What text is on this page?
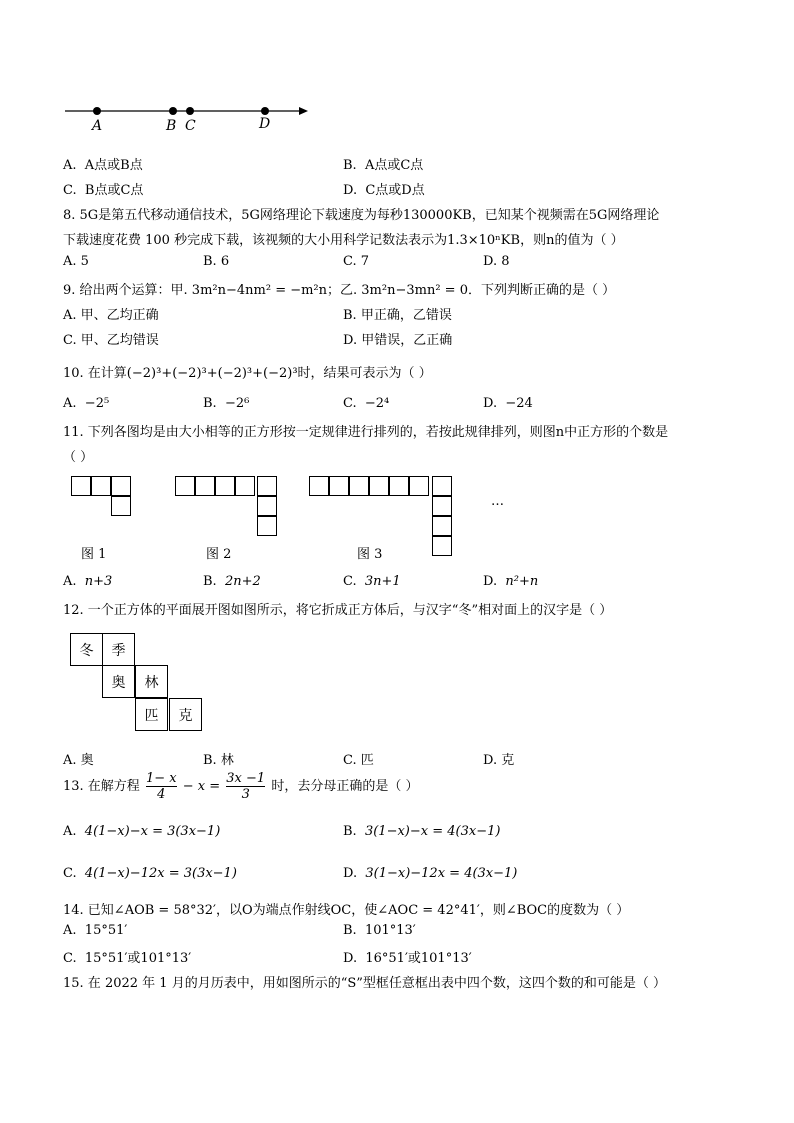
A	B C	D
A. A点或B点	B. A点或C点
C. B点或C点	D. C点或D点
8. 5G是第五代移动通信技术，5G网络理论下载速度为每秒130000KB，已知某个视频需在5G网络理论
下载速度花费 100 秒完成下载，该视频的大小用科学记数法表示为1.3×10ⁿKB，则n的值为（ ）
A. 5	B. 6	C. 7	D. 8
9. 给出两个运算：甲. 3m²n−4nm² = −m²n；乙. 3m²n−3mn² = 0．下列判断正确的是（ ）
A. 甲、乙均正确	B. 甲正确，乙错误
C. 甲、乙均错误	D. 甲错误，乙正确
10. 在计算(−2)³+(−2)³+(−2)³+(−2)³时，结果可表示为（ ）
A. −2⁵	B. −2⁶	C. −2⁴	D. −24
11. 下列各图均是由大小相等的正方形按一定规律进行排列的，若按此规律排列，则图n中正方形的个数是
（ ）
…
图 1	图 2	图 3
A. n+3	B. 2n+2	C. 3n+1	D. n²+n
12. 一个正方体的平面展开图如图所示，将它折成正方体后，与汉字“冬”相对面上的汉字是（ ）
冬	季
奥	林
匹	克
A. 奥	B. 林	C. 匹	D. 克
13. 在解方程 $\frac{1- x}{4} - x = \frac{3x -1}{3}$ 时，去分母正确的是（ ）
A. 4(1−x)−x = 3(3x−1)	B. 3(1−x)−x = 4(3x−1)
C. 4(1−x)−12x = 3(3x−1)	D. 3(1−x)−12x = 4(3x−1)
14. 已知∠AOB = 58°32′，以O为端点作射线OC，使∠AOC = 42°41′，则∠BOC的度数为（ ）
A. 15°51′	B. 101°13′
C. 15°51′或101°13′	D. 16°51′或101°13′
15. 在 2022 年 1 月的月历表中，用如图所示的“S”型框任意框出表中四个数，这四个数的和可能是（ ）
